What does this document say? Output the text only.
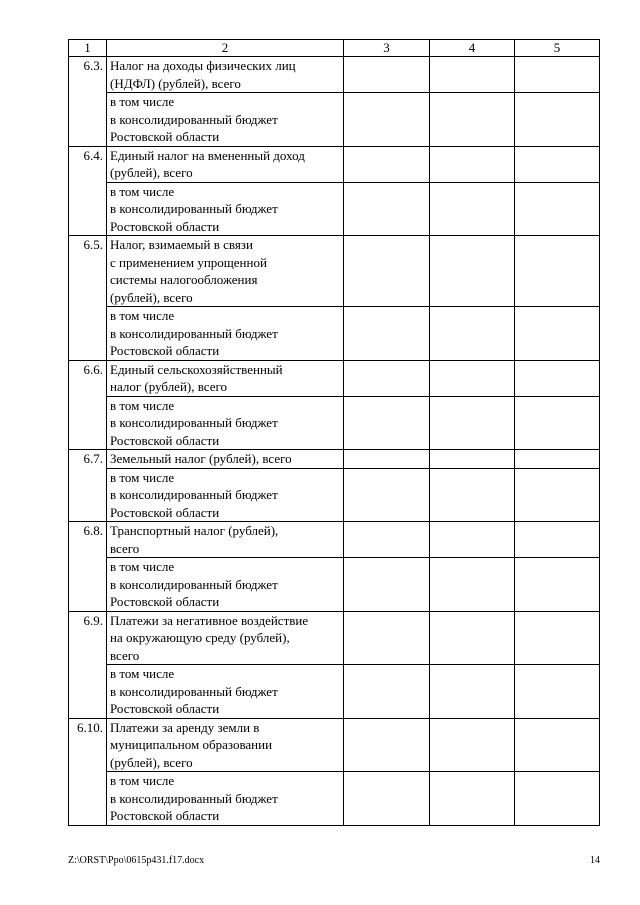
1	2	3	4	5
6.3.	Налог на доходы физических лиц
(НДФЛ) (рублей), всего			

	в том числе
в консолидированный бюджет
Ростовской области			

6.4.	Единый налог на вмененный доход
(рублей), всего			

	в том числе
в консолидированный бюджет
Ростовской области			

6.5.	Налог, взимаемый в связи
с применением упрощенной
системы налогообложения
(рублей), всего			

	в том числе
в консолидированный бюджет
Ростовской области			

6.6.	Единый сельскохозяйственный
налог (рублей), всего			

	в том числе
в консолидированный бюджет
Ростовской области			

6.7.	Земельный налог (рублей), всего			

	в том числе
в консолидированный бюджет
Ростовской области			

6.8.	Транспортный налог (рублей),
всего			

	в том числе
в консолидированный бюджет
Ростовской области			

6.9.	Платежи за негативное воздействие
на окружающую среду (рублей),
всего			

	в том числе
в консолидированный бюджет
Ростовской области			

6.10.	Платежи за аренду земли в
муниципальном образовании
(рублей), всего			

	в том числе
в консолидированный бюджет
Ростовской области			

Z:\ORST\Ppo\0615p431.f17.docx	14
